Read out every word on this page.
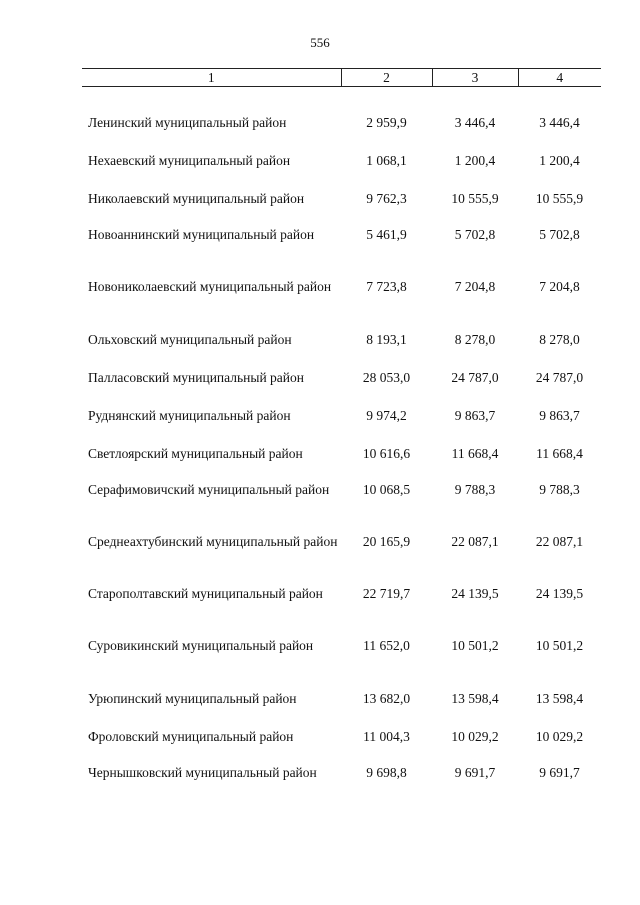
556
1	2	3	4

Ленинский муниципальный район	2 959,9	3 446,4	3 446,4

Нехаевский муниципальный район	1 068,1	1 200,4	1 200,4

Николаевский муниципальный район	9 762,3	10 555,9	10 555,9

Новоаннинский муниципальный район	5 461,9	5 702,8	5 702,8

Новониколаевский муниципальный район	7 723,8	7 204,8	7 204,8

Ольховский муниципальный район	8 193,1	8 278,0	8 278,0

Палласовский муниципальный район	28 053,0	24 787,0	24 787,0

Руднянский муниципальный район	9 974,2	9 863,7	9 863,7

Светлоярский муниципальный район	10 616,6	11 668,4	11 668,4

Серафимовичский муниципальный район	10 068,5	9 788,3	9 788,3

Среднеахтубинский муниципальный район	20 165,9	22 087,1	22 087,1

Старополтавский муниципальный район	22 719,7	24 139,5	24 139,5

Суровикинский муниципальный район	11 652,0	10 501,2	10 501,2

Урюпинский муниципальный район	13 682,0	13 598,4	13 598,4

Фроловский муниципальный район	11 004,3	10 029,2	10 029,2

Чернышковский муниципальный район	9 698,8	9 691,7	9 691,7
